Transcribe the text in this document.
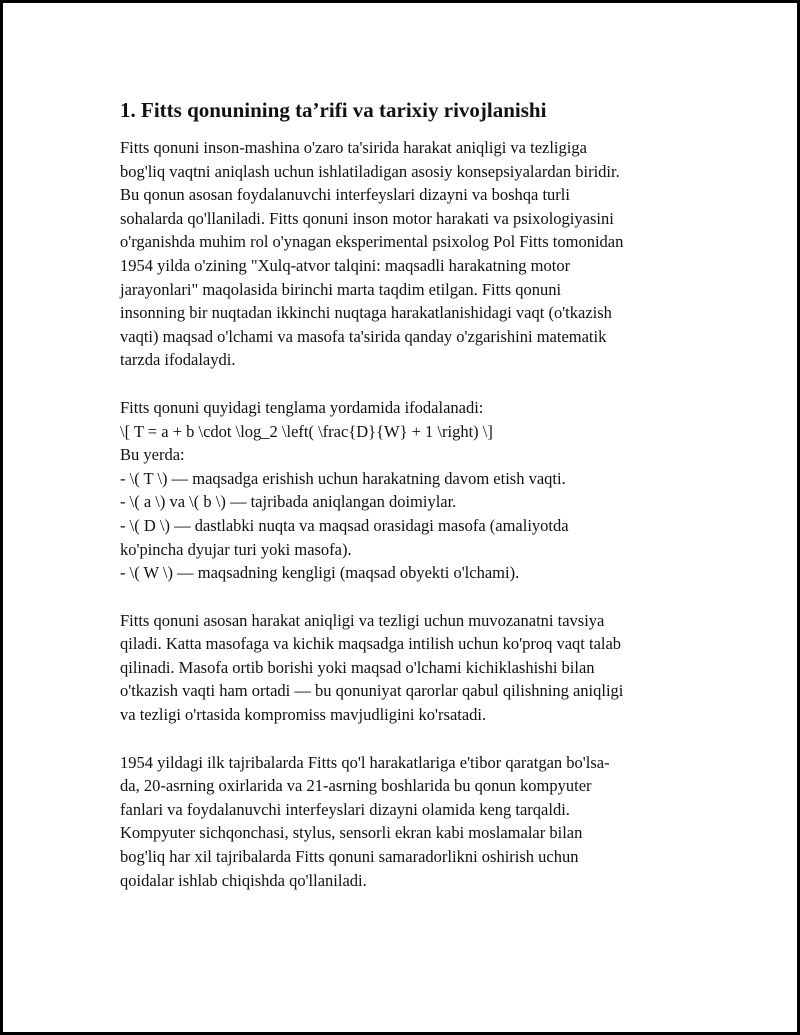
1. Fitts qonunining ta’rifi va tarixiy rivojlanishi

Fitts qonuni inson-mashina o'zaro ta'sirida harakat aniqligi va tezligiga
bog'liq vaqtni aniqlash uchun ishlatiladigan asosiy konsepsiyalardan biridir.
Bu qonun asosan foydalanuvchi interfeyslari dizayni va boshqa turli
sohalarda qo'llaniladi. Fitts qonuni inson motor harakati va psixologiyasini
o'rganishda muhim rol o'ynagan eksperimental psixolog Pol Fitts tomonidan
1954 yilda o'zining "Xulq-atvor talqini: maqsadli harakatning motor
jarayonlari" maqolasida birinchi marta taqdim etilgan. Fitts qonuni
insonning bir nuqtadan ikkinchi nuqtaga harakatlanishidagi vaqt (o'tkazish
vaqti) maqsad o'lchami va masofa ta'sirida qanday o'zgarishini matematik
tarzda ifodalaydi.

Fitts qonuni quyidagi tenglama yordamida ifodalanadi:
\[ T = a + b \cdot \log_2 \left( \frac{D}{W} + 1 \right) \]
Bu yerda:
- \( T \) — maqsadga erishish uchun harakatning davom etish vaqti.
- \( a \) va \( b \) — tajribada aniqlangan doimiylar.
- \( D \) — dastlabki nuqta va maqsad orasidagi masofa (amaliyotda
ko'pincha dyujar turi yoki masofa).
- \( W \) — maqsadning kengligi (maqsad obyekti o'lchami).

Fitts qonuni asosan harakat aniqligi va tezligi uchun muvozanatni tavsiya
qiladi. Katta masofaga va kichik maqsadga intilish uchun ko'proq vaqt talab
qilinadi. Masofa ortib borishi yoki maqsad o'lchami kichiklashishi bilan
o'tkazish vaqti ham ortadi — bu qonuniyat qarorlar qabul qilishning aniqligi
va tezligi o'rtasida kompromiss mavjudligini ko'rsatadi.

1954 yildagi ilk tajribalarda Fitts qo'l harakatlariga e'tibor qaratgan bo'lsa-
da, 20-asrning oxirlarida va 21-asrning boshlarida bu qonun kompyuter
fanlari va foydalanuvchi interfeyslari dizayni olamida keng tarqaldi.
Kompyuter sichqonchasi, stylus, sensorli ekran kabi moslamalar bilan
bog'liq har xil tajribalarda Fitts qonuni samaradorlikni oshirish uchun
qoidalar ishlab chiqishda qo'llaniladi.
